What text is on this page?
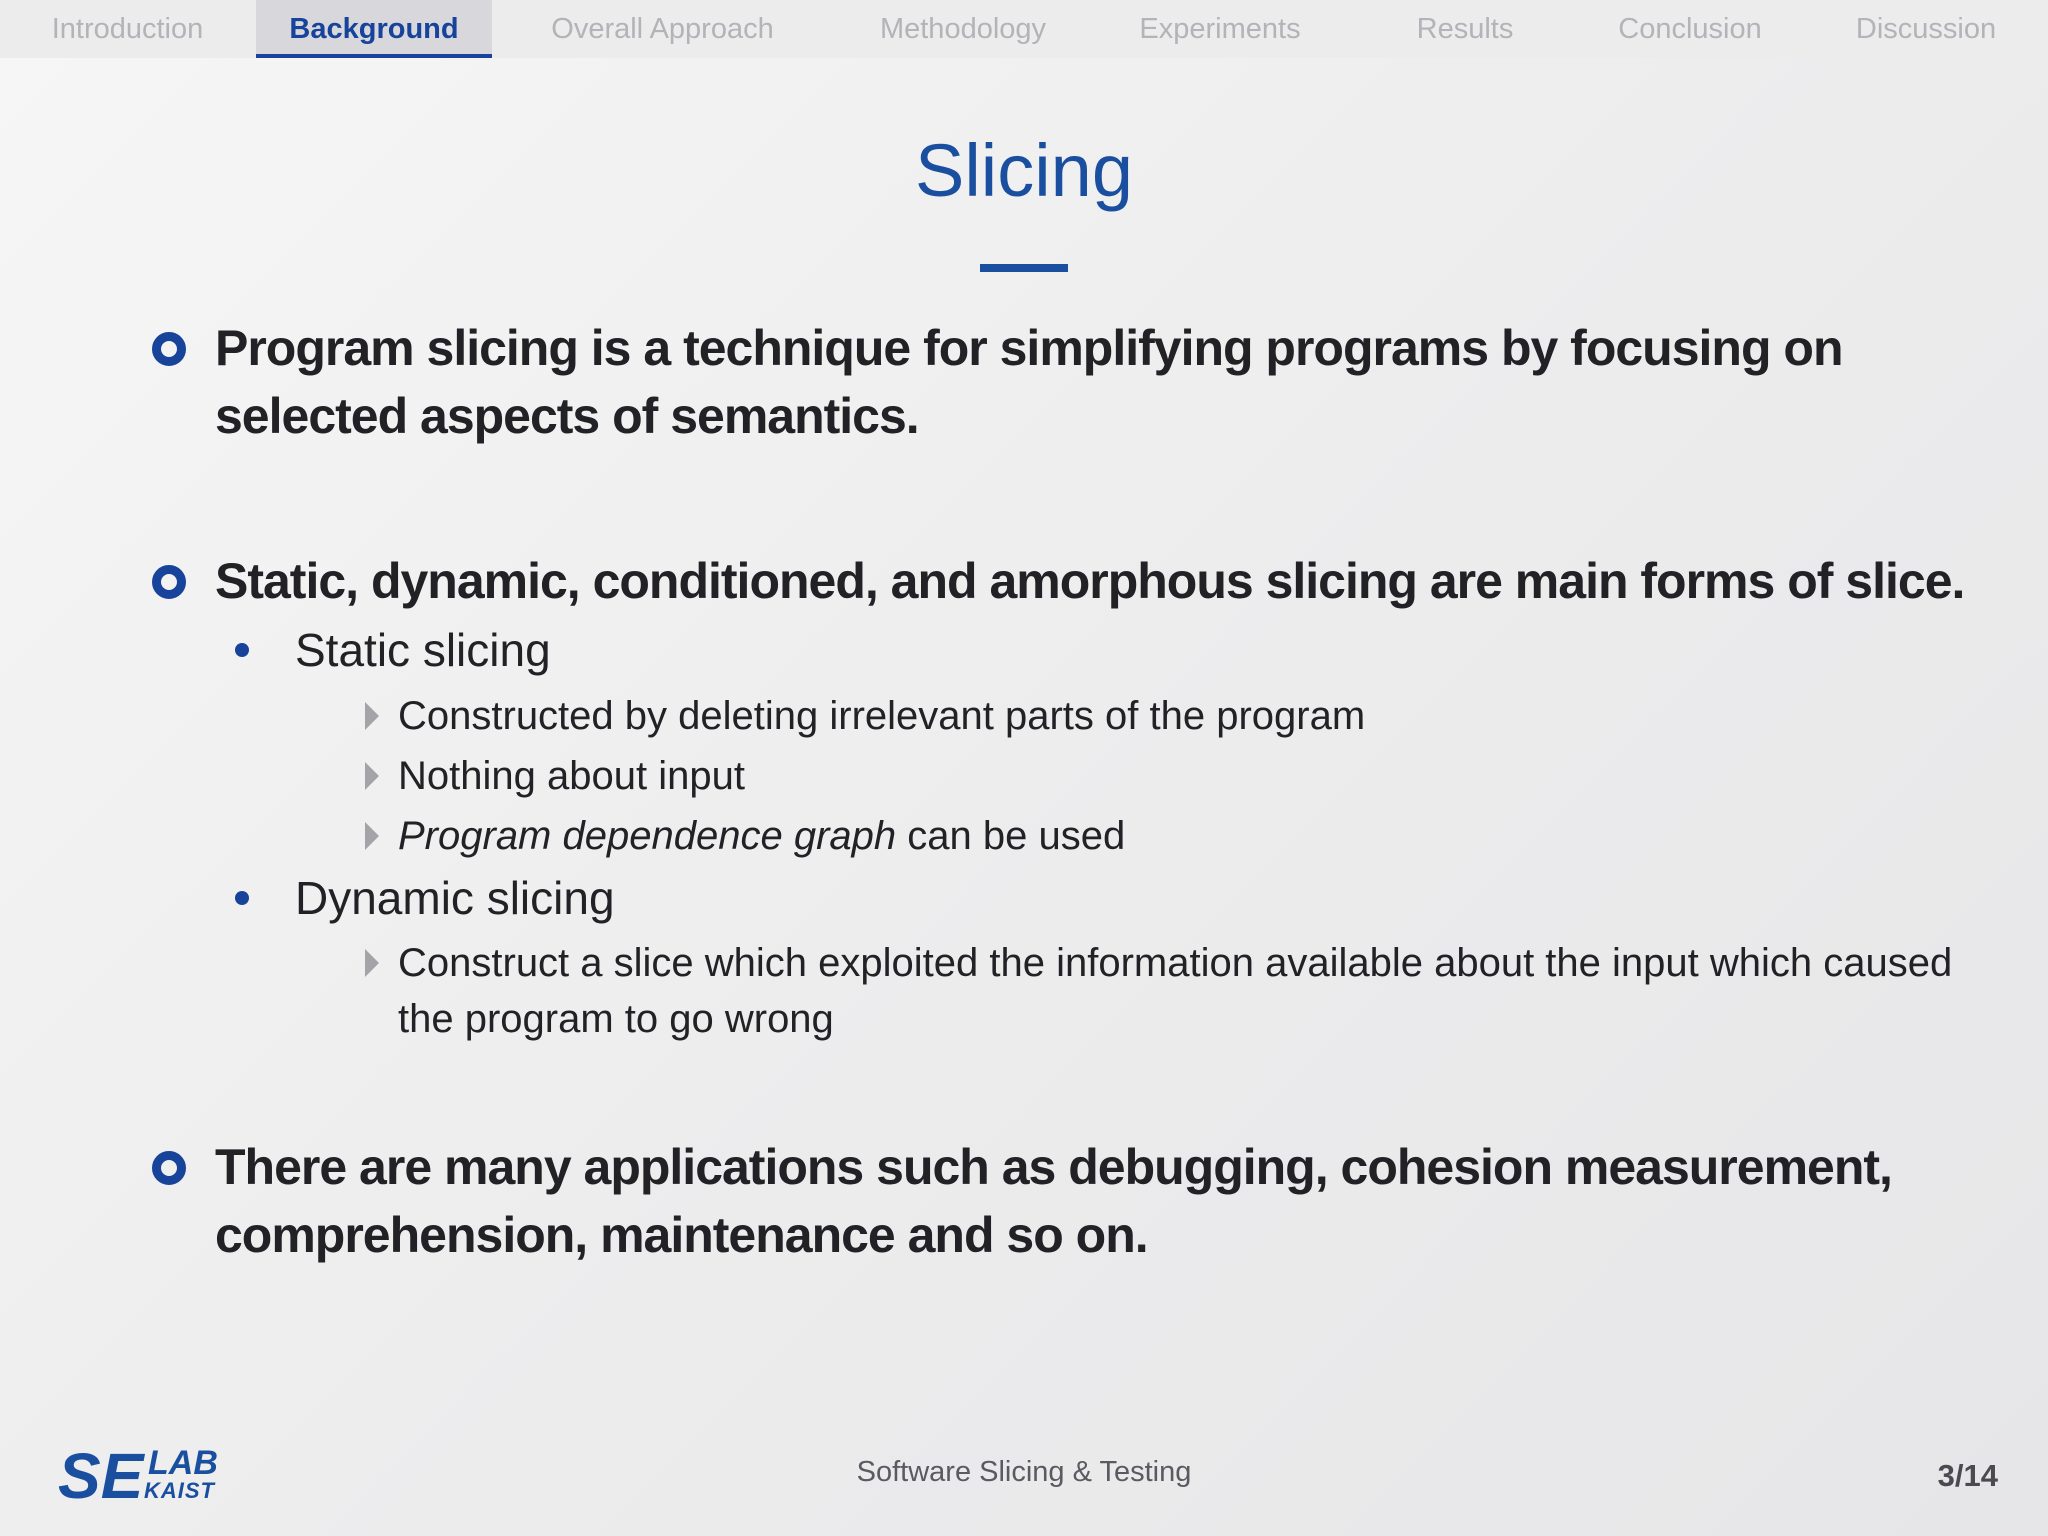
Introduction	Background	Overall Approach	Methodology	Experiments	Results	Conclusion	Discussion
Slicing
Program slicing is a technique for simplifying programs by focusing on selected aspects of semantics.
Static, dynamic, conditioned, and amorphous slicing are main forms of slice.
Static slicing
Constructed by deleting irrelevant parts of the program
Nothing about input
Program dependence graph can be used
Dynamic slicing
Construct a slice which exploited the information available about the input which caused the program to go wrong
There are many applications such as debugging, cohesion measurement, comprehension, maintenance and so on.
SE LAB
KAIST
Software Slicing & Testing	3/14
